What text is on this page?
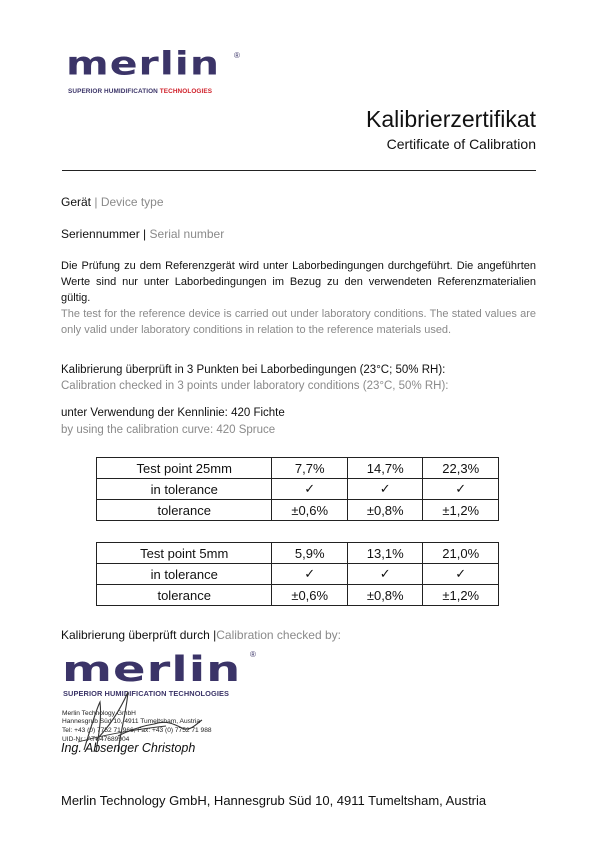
merlin ®
SUPERIOR HUMIDIFICATION TECHNOLOGIES
Kalibrierzertifikat
Certificate of Calibration
Gerät | Device type
Seriennummer | Serial number
Die Prüfung zu dem Referenzgerät wird unter Laborbedingungen durchgeführt. Die angeführten Werte sind nur unter Laborbedingungen im Bezug zu den verwendeten Referenzmaterialien gültig.
The test for the reference device is carried out under laboratory conditions. The stated values are only valid under laboratory conditions in relation to the reference materials used.
Kalibrierung überprüft in 3 Punkten bei Laborbedingungen (23°C; 50% RH):
Calibration checked in 3 points under laboratory conditions (23°C, 50% RH):
unter Verwendung der Kennlinie: 420 Fichte
by using the calibration curve: 420 Spruce
Test point 25mm	7,7%	14,7%	22,3%
in tolerance	✓	✓	✓
tolerance	±0,6%	±0,8%	±1,2%
Test point 5mm	5,9%	13,1%	21,0%
in tolerance	✓	✓	✓
tolerance	±0,6%	±0,8%	±1,2%
Kalibrierung überprüft durch |Calibration checked by:
merlin ®
SUPERIOR HUMIDIFICATION TECHNOLOGIES
Merlin Technology GmbH
Hannesgrub Süd 10, 4911 Tumeltsham, Austria
Tel: +43 (0) 7752 71 966, Fax: +43 (0) 7752 71 988
UID-Nr.: ATU47689904
Ing. Absenger Christoph
Merlin Technology GmbH, Hannesgrub Süd 10, 4911 Tumeltsham, Austria
